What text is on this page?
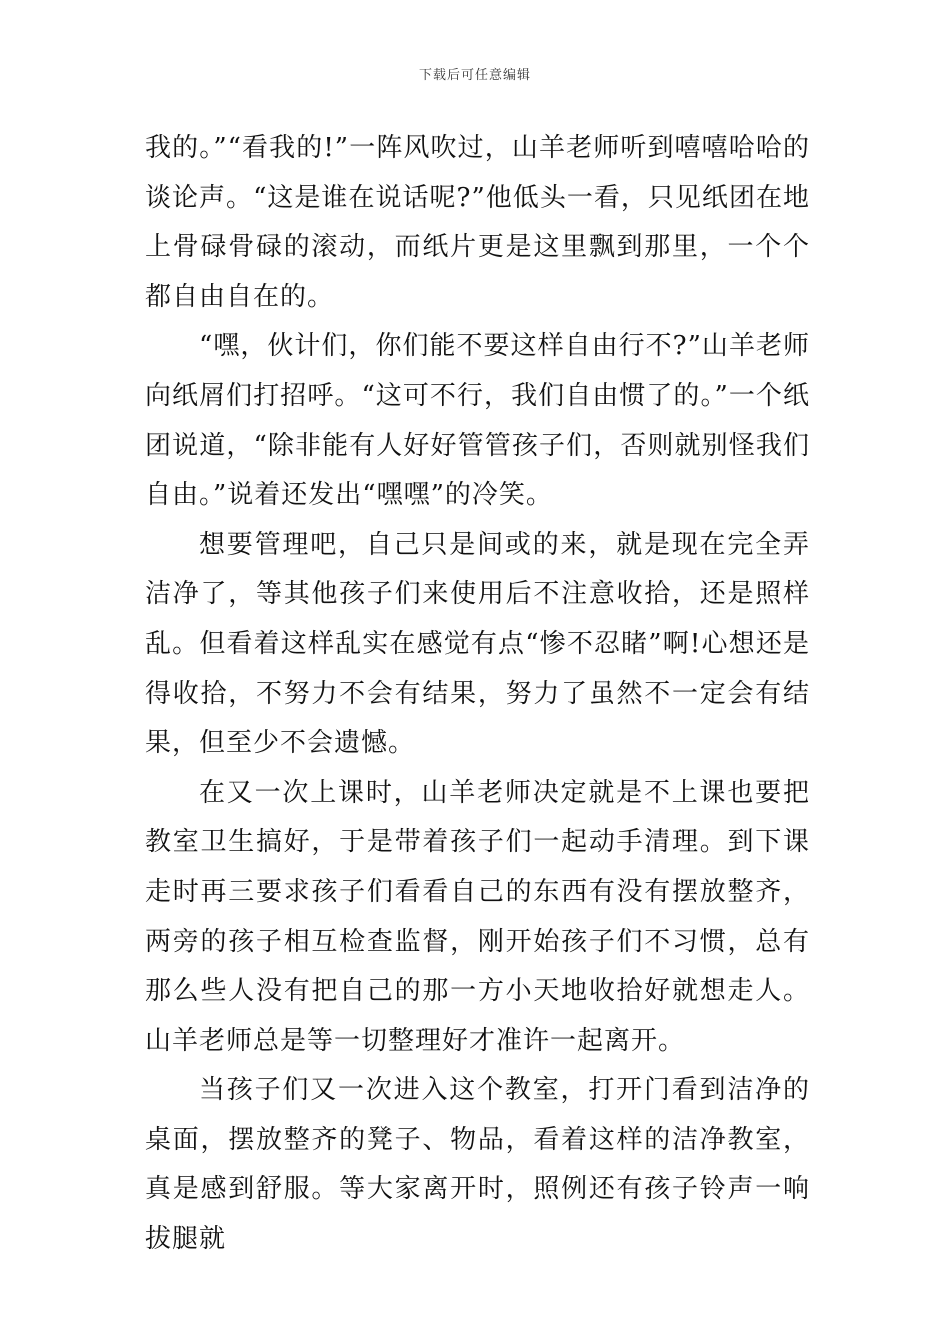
下载后可任意编辑

我的。”“看我的!”一阵风吹过，山羊老师听到嘻嘻哈哈的谈论声。“这是谁在说话呢?”他低头一看，只见纸团在地上骨碌骨碌的滚动，而纸片更是这里飘到那里，一个个都自由自在的。

“嘿，伙计们，你们能不要这样自由行不?”山羊老师向纸屑们打招呼。“这可不行，我们自由惯了的。”一个纸团说道，“除非能有人好好管管孩子们，否则就别怪我们自由。”说着还发出“嘿嘿”的冷笑。

想要管理吧，自己只是间或的来，就是现在完全弄洁净了，等其他孩子们来使用后不注意收拾，还是照样乱。但看着这样乱实在感觉有点“惨不忍睹”啊!心想还是得收拾，不努力不会有结果，努力了虽然不一定会有结果，但至少不会遗憾。

在又一次上课时，山羊老师决定就是不上课也要把教室卫生搞好，于是带着孩子们一起动手清理。到下课走时再三要求孩子们看看自己的东西有没有摆放整齐，两旁的孩子相互检查监督，刚开始孩子们不习惯，总有那么些人没有把自己的那一方小天地收拾好就想走人。山羊老师总是等一切整理好才准许一起离开。

当孩子们又一次进入这个教室，打开门看到洁净的桌面，摆放整齐的凳子、物品，看着这样的洁净教室，真是感到舒服。等大家离开时，照例还有孩子铃声一响拔腿就
